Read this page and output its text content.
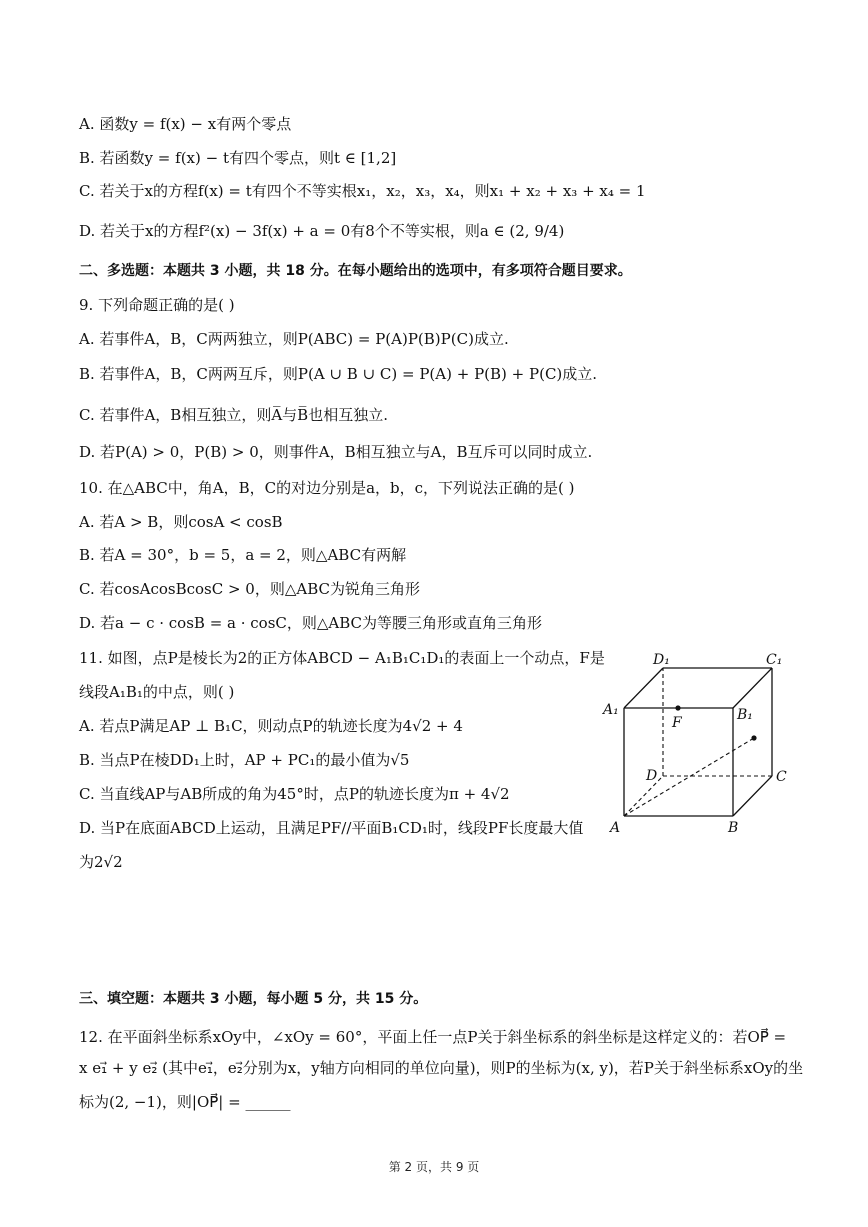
A. 函数y = f(x) − x有两个零点
B. 若函数y = f(x) − t有四个零点，则t ∈ [1,2]
C. 若关于x的方程f(x) = t有四个不等实根x₁，x₂，x₃，x₄，则x₁ + x₂ + x₃ + x₄ = 1
D. 若关于x的方程f²(x) − 3f(x) + a = 0有8个不等实根，则a ∈ (2, 9/4)
二、多选题：本题共 3 小题，共 18 分。在每小题给出的选项中，有多项符合题目要求。
9. 下列命题正确的是( )
A. 若事件A，B，C两两独立，则P(ABC) = P(A)P(B)P(C)成立.
B. 若事件A，B，C两两互斥，则P(A ∪ B ∪ C) = P(A) + P(B) + P(C)成立.
C. 若事件A，B相互独立，则A̅与B̅也相互独立.
D. 若P(A) > 0，P(B) > 0，则事件A，B相互独立与A，B互斥可以同时成立.
10. 在△ABC中，角A，B，C的对边分别是a，b，c，下列说法正确的是( )
A. 若A > B，则cosA < cosB
B. 若A = 30°，b = 5，a = 2，则△ABC有两解
C. 若cosAcosBcosC > 0，则△ABC为锐角三角形
D. 若a − c · cosB = a · cosC，则△ABC为等腰三角形或直角三角形
11. 如图，点P是棱长为2的正方体ABCD − A₁B₁C₁D₁的表面上一个动点，F是
线段A₁B₁的中点，则( )
A. 若点P满足AP ⊥ B₁C，则动点P的轨迹长度为4√2 + 4
B. 当点P在棱DD₁上时，AP + PC₁的最小值为√5
C. 当直线AP与AB所成的角为45°时，点P的轨迹长度为π + 4√2
D. 当P在底面ABCD上运动，且满足PF//平面B₁CD₁时，线段PF长度最大值
为2√2
三、填空题：本题共 3 小题，每小题 5 分，共 15 分。
12. 在平面斜坐标系xOy中，∠xOy = 60°，平面上任一点P关于斜坐标系的斜坐标是这样定义的：若OP⃗ =
x e₁⃗ + y e₂⃗ (其中e₁⃗，e₂⃗分别为x，y轴方向相同的单位向量)，则P的坐标为(x, y)，若P关于斜坐标系xOy的坐
标为(2, −1)，则|OP⃗| = ______
A	B
C
D
A₁	B₁
C₁
D₁
F
第 2 页，共 9 页
